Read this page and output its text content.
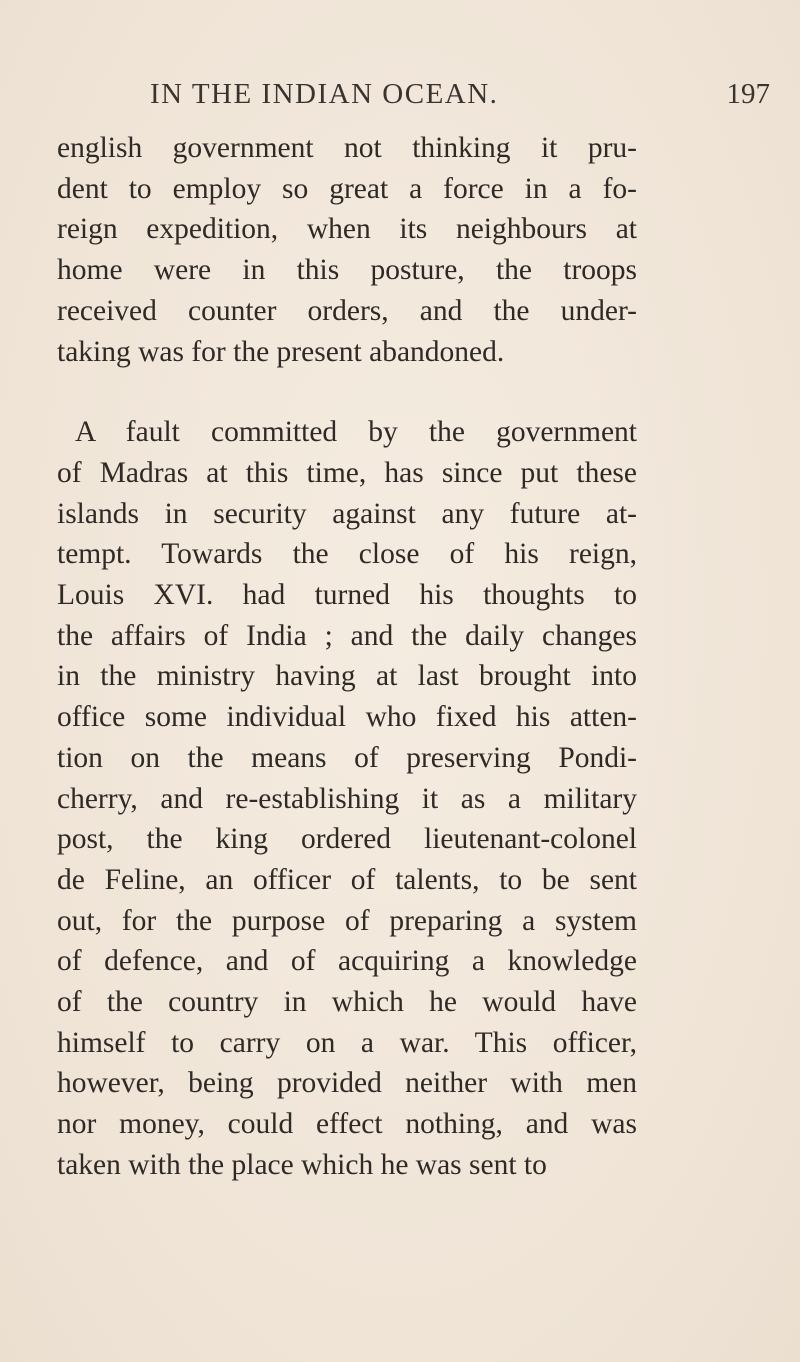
IN THE INDIAN OCEAN.	197
english government not thinking it pru-
dent to employ so great a force in a fo-
reign expedition, when its neighbours at
home were in this posture, the troops
received counter orders, and the under-
taking was for the present abandoned.
A fault committed by the government
of Madras at this time, has since put these
islands in security against any future at-
tempt. Towards the close of his reign,
Louis XVI. had turned his thoughts to
the affairs of India ; and the daily changes
in the ministry having at last brought into
office some individual who fixed his atten-
tion on the means of preserving Pondi-
cherry, and re-establishing it as a military
post, the king ordered lieutenant-colonel
de Feline, an officer of talents, to be sent
out, for the purpose of preparing a system
of defence, and of acquiring a knowledge
of the country in which he would have
himself to carry on a war. This officer,
however, being provided neither with men
nor money, could effect nothing, and was
taken with the place which he was sent to
